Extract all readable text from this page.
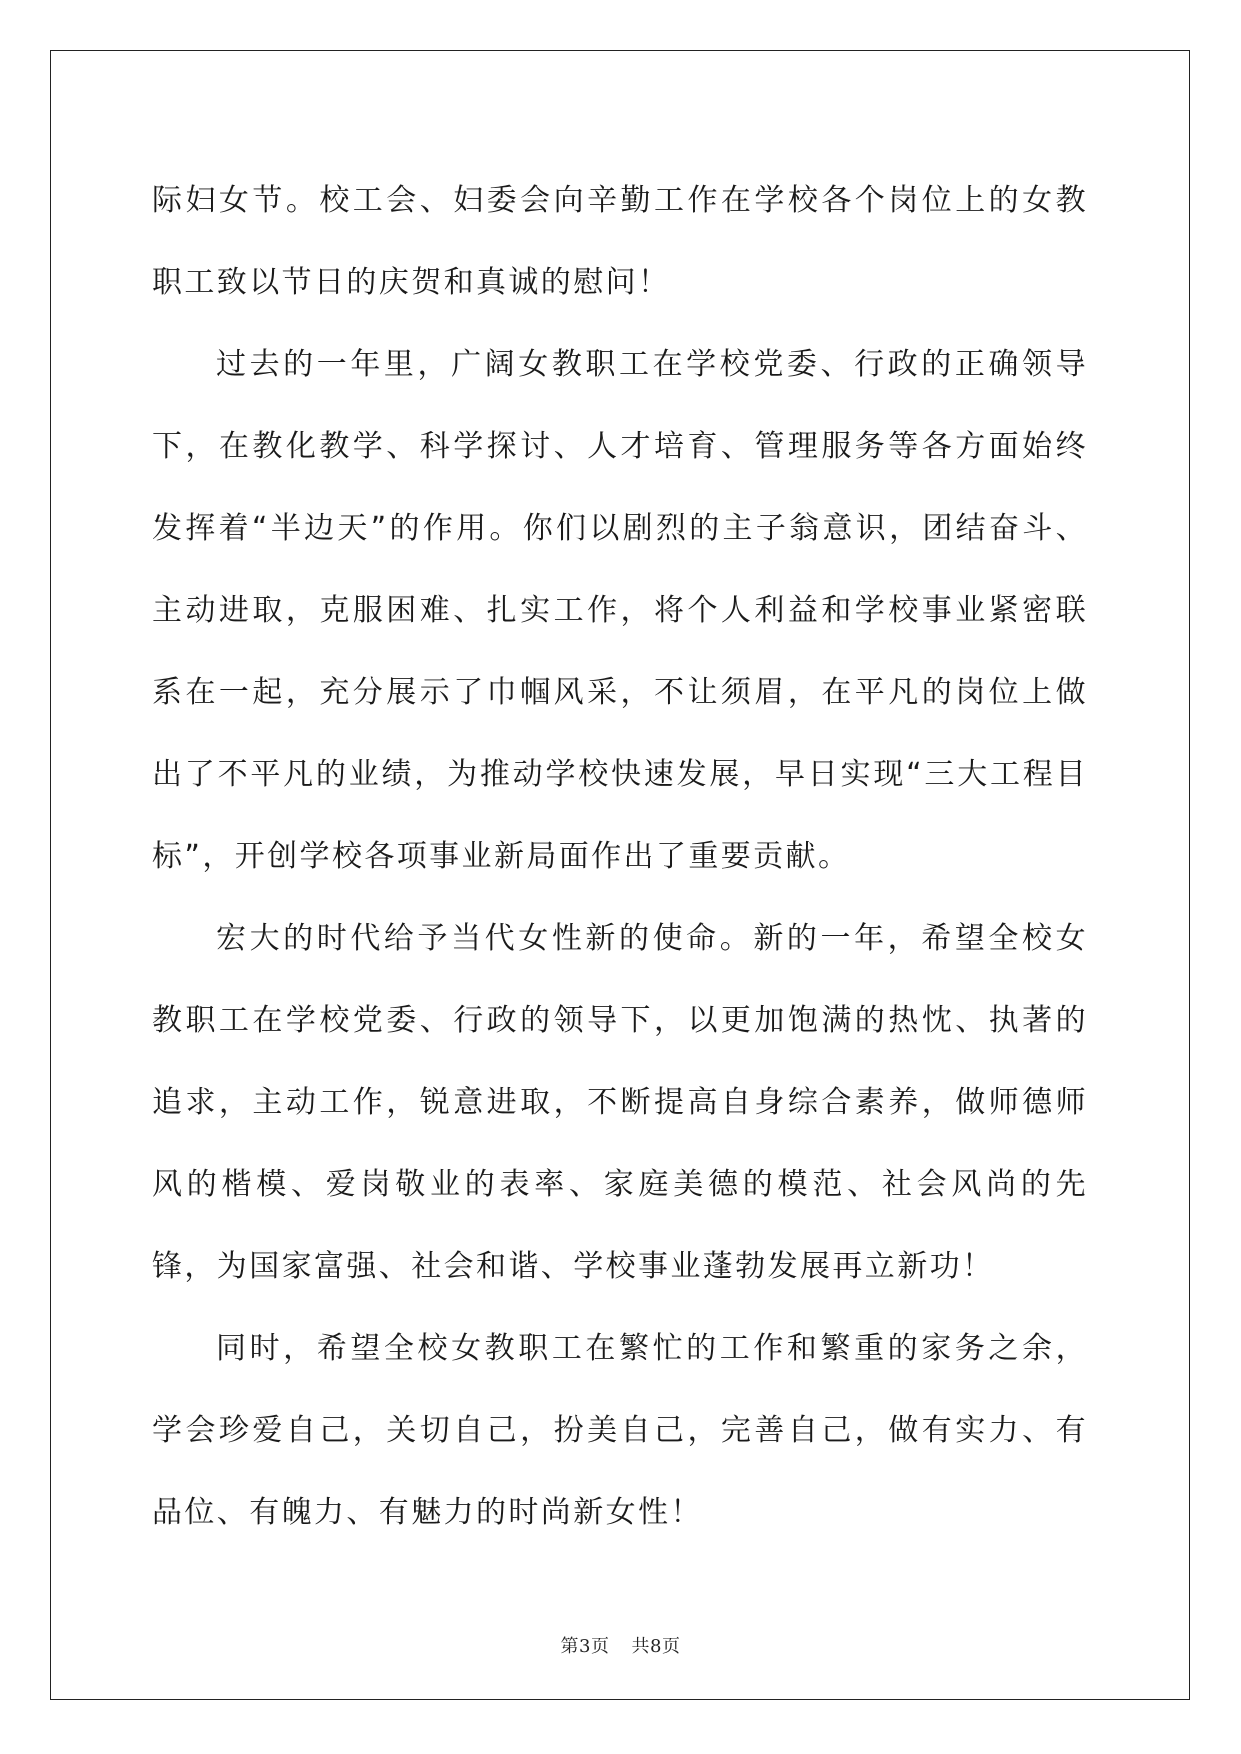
际妇女节。校工会、妇委会向辛勤工作在学校各个岗位上的女教职工致以节日的庆贺和真诚的慰问！

过去的一年里，广阔女教职工在学校党委、行政的正确领导下，在教化教学、科学探讨、人才培育、管理服务等各方面始终发挥着“半边天”的作用。你们以剧烈的主子翁意识，团结奋斗、主动进取，克服困难、扎实工作，将个人利益和学校事业紧密联系在一起，充分展示了巾帼风采，不让须眉，在平凡的岗位上做出了不平凡的业绩，为推动学校快速发展，早日实现“三大工程目标”，开创学校各项事业新局面作出了重要贡献。

宏大的时代给予当代女性新的使命。新的一年，希望全校女教职工在学校党委、行政的领导下，以更加饱满的热忱、执著的追求，主动工作，锐意进取，不断提高自身综合素养，做师德师风的楷模、爱岗敬业的表率、家庭美德的模范、社会风尚的先锋，为国家富强、社会和谐、学校事业蓬勃发展再立新功！

同时，希望全校女教职工在繁忙的工作和繁重的家务之余，学会珍爱自己，关切自己，扮美自己，完善自己，做有实力、有品位、有魄力、有魅力的时尚新女性！

第3页 共8页
